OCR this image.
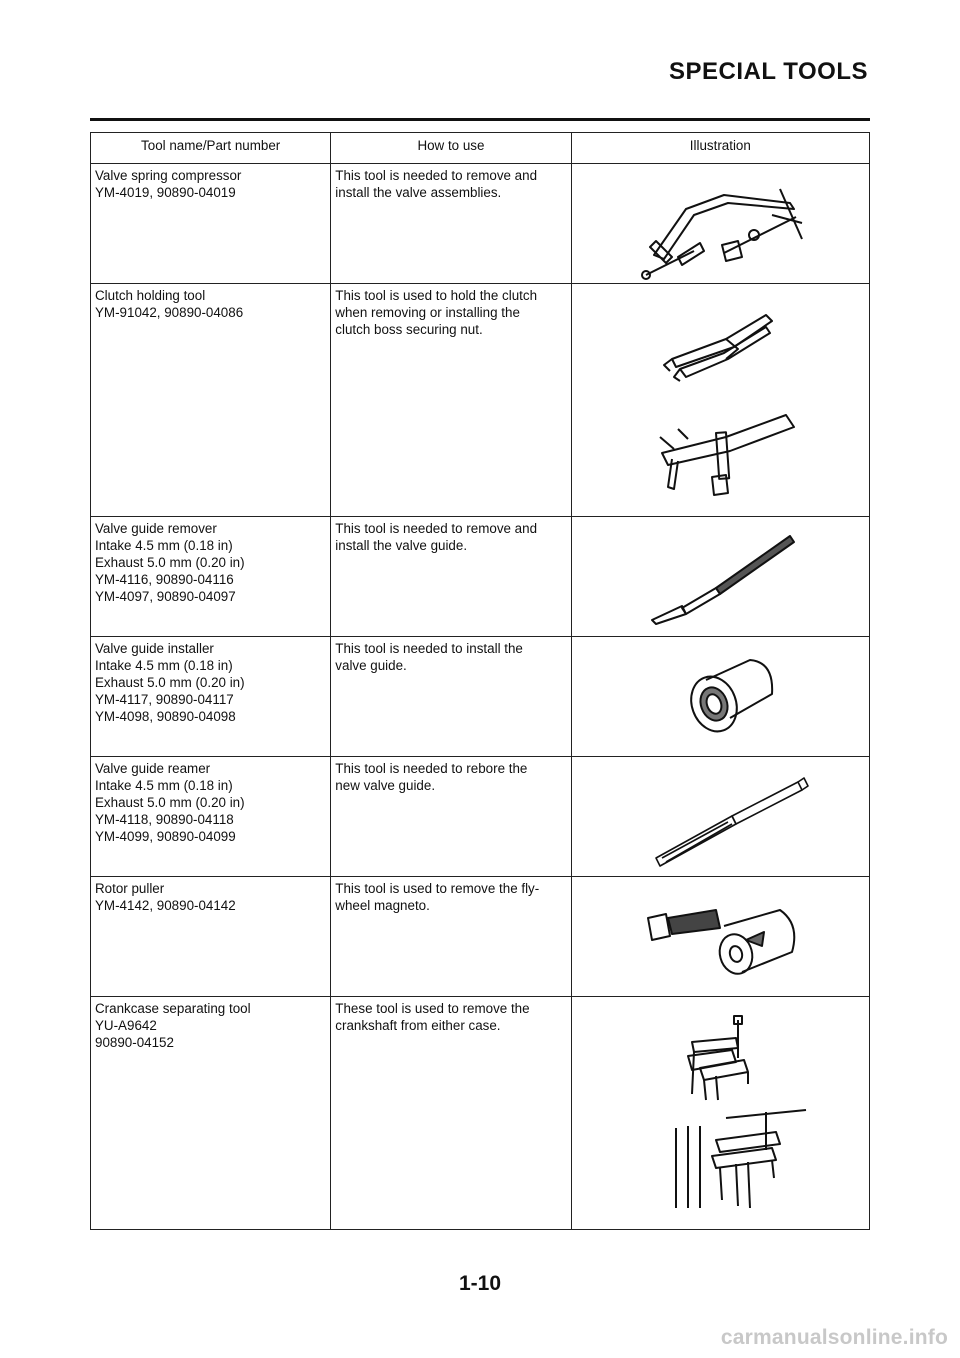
SPECIAL TOOLS
Tool name/Part number	How to use	Illustration

Valve spring compressor
YM-4019, 90890-04019	This tool is needed to remove and
install the valve assemblies.

Clutch holding tool
YM-91042, 90890-04086	This tool is used to hold the clutch
when removing or installing the
clutch boss securing nut.

Valve guide remover
Intake 4.5 mm (0.18 in)
Exhaust 5.0 mm (0.20 in)
YM-4116, 90890-04116
YM-4097, 90890-04097	This tool is needed to remove and
install the valve guide.

Valve guide installer
Intake 4.5 mm (0.18 in)
Exhaust 5.0 mm (0.20 in)
YM-4117, 90890-04117
YM-4098, 90890-04098	This tool is needed to install the
valve guide.

Valve guide reamer
Intake 4.5 mm (0.18 in)
Exhaust 5.0 mm (0.20 in)
YM-4118, 90890-04118
YM-4099, 90890-04099	This tool is needed to rebore the
new valve guide.

Rotor puller
YM-4142, 90890-04142	This tool is used to remove the fly-
wheel magneto.

Crankcase separating tool
YU-A9642
90890-04152	These tool is used to remove the
crankshaft from either case.

1-10
carmanualsonline.info
